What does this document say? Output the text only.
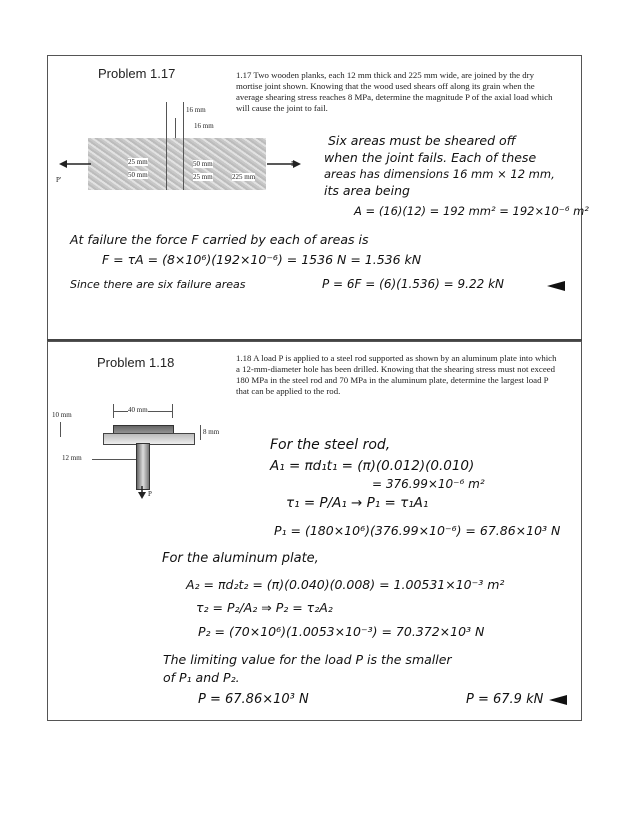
Problem 1.17	1.17 Two wooden planks, each 12 mm thick and 225 mm wide, are joined by the dry mortise joint shown. Knowing that the wood used shears off along its grain when the average shearing stress reaches 8 MPa, determine the magnitude P of the axial load which will cause the joint to fail.
16 mm
16 mm
25 mm
50 mm
50 mm
25 mm	225 mm
P'
P
Six areas must be sheared off
when the joint fails. Each of these
areas has dimensions 16 mm × 12 mm,
its area being
A = (16)(12) = 192 mm² = 192×10⁻⁶ m²
At failure the force F carried by each of areas is
F = τA = (8×10⁶)(192×10⁻⁶) = 1536 N = 1.536 kN
Since there are six failure areas	P = 6F = (6)(1.536) = 9.22 kN
Problem 1.18	1.18 A load P is applied to a steel rod supported as shown by an aluminum plate into which a 12-mm-diameter hole has been drilled. Knowing that the shearing stress must not exceed 180 MPa in the steel rod and 70 MPa in the aluminum plate, determine the largest load P that can be applied to the rod.
40 mm
10 mm
8 mm
12 mm
P
For the steel rod,
A₁ = πd₁t₁ = (π)(0.012)(0.010)
= 376.99×10⁻⁶ m²
τ₁ = P/A₁ → P₁ = τ₁A₁
P₁ = (180×10⁶)(376.99×10⁻⁶) = 67.86×10³ N
For the aluminum plate,
A₂ = πd₂t₂ = (π)(0.040)(0.008) = 1.00531×10⁻³ m²
τ₂ = P₂/A₂ ⇒ P₂ = τ₂A₂
P₂ = (70×10⁶)(1.0053×10⁻³) = 70.372×10³ N
The limiting value for the load P is the smaller
of P₁ and P₂.
P = 67.86×10³ N	P = 67.9 kN
